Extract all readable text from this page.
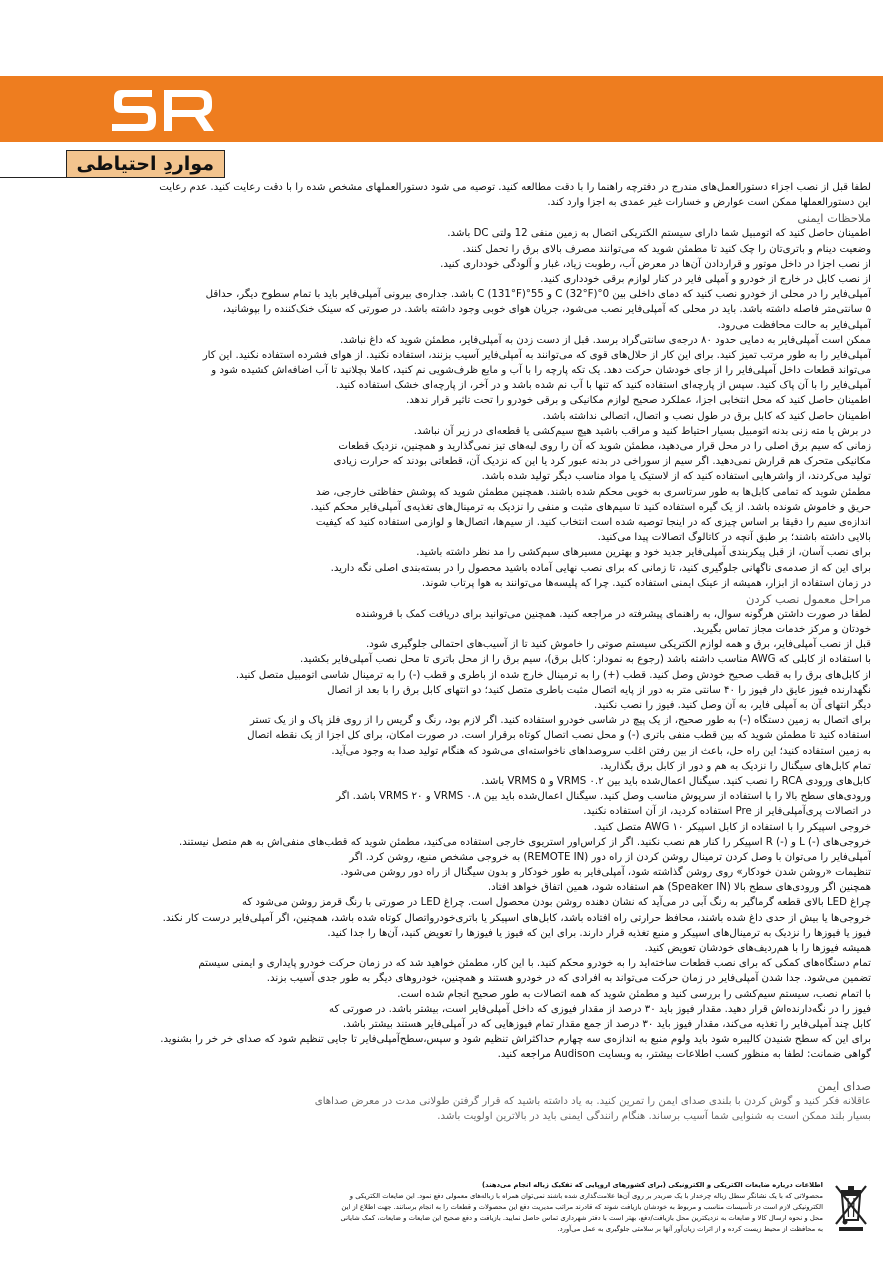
مواردِ احتیاطی
لطفا قبل از نصب اجزاء دستورالعمل‌های مندرج در دفترچه راهنما را با دقت مطالعه کنید. توصیه می شود دستورالعملهای مشخص شده را با دقت رعایت کنید. عدم رعایت
این دستورالعملها ممکن است عوارض و خسارات غیر عمدی به اجزا وارد کند.
ملاحظات ایمنی
اطمینان حاصل کنید که اتومبیل شما دارای سیستم الکتریکی اتصال به زمین منفی 12 ولتی DC باشد.
وضعیت دینام و باتری‌تان را چک کنید تا مطمئن شوید که می‌توانند مصرف بالای برق را تحمل کنند.
از نصب اجزا در داخل موتور و قراردادن آن‌ها در معرض آب، رطوبت زیاد، غبار و آلودگی خودداری کنید.
از نصب کابل در خارج از خودرو و آمپلی فایر در کنار لوازم برقی خودداری کنید.
آمپلی‌فایر را در محلی از خودرو نصب کنید که دمای داخلی بین 0°C (32°F) و 55°C (131°F) باشد. جداره‌ی بیرونی آمپلی‌فایر باید با تمام سطوح دیگر، حداقل
۵ سانتی‌متر فاصله داشته باشد. باید در محلی که آمپلی‌فایر نصب می‌شود، جریان هوای خوبی وجود داشته باشد. در صورتی که سینک خنک‌کننده را بپوشانید،
آمپلی‌فایر به حالت محافظت می‌رود.
ممکن است آمپلی‌فایر به دمایی حدود ۸۰ درجه‌ی سانتی‌گراد برسد. قبل از دست زدن به آمپلی‌فایر، مطمئن شوید که داغ نباشد.
آمپلی‌فایر را به طور مرتب تمیز کنید. برای این کار از حلال‌های قوی که می‌توانند به آمپلی‌فایر آسیب بزنند، استفاده نکنید. از هوای فشرده استفاده نکنید. این کار
می‌تواند قطعات داخل آمپلی‌فایر را از جای خودشان حرکت دهد. یک تکه پارچه را با آب و مایع ظرف‌شویی نم کنید، کاملا بچلانید تا آب اضافه‌اش کشیده شود و
آمپلی‌فایر را با آن پاک کنید. سپس از پارچه‌ای استفاده کنید که تنها با آب نم شده باشد و در آخر، از پارچه‌ای خشک استفاده کنید.
اطمینان حاصل کنید که محل انتخابی اجزا، عملکرد صحیح لوازم مکانیکی و برقی خودرو را تحت تاثیر قرار ندهد.
اطمینان حاصل کنید که کابل برق در طول نصب و اتصال، اتصالی نداشته باشد.
در برش یا مته زنی بدنه اتومبیل بسیار احتیاط کنید و مراقب باشید هیچ سیم‌کشی یا قطعه‌ای در زیر آن نباشد.
زمانی که سیم برق اصلی را در محل قرار می‌دهید، مطمئن شوید که آن را روی لبه‌های تیز نمی‌گذارید و همچنین، نزدیک قطعات
مکانیکی متحرک هم قرارش نمی‌دهید. اگر سیم از سوراخی در بدنه عبور کرد یا این که نزدیک آن، قطعاتی بودند که حرارت زیادی
تولید می‌کردند، از واشرهایی استفاده کنید که از لاستیک یا مواد مناسب دیگر تولید شده باشد.
مطمئن شوید که تمامی کابل‌ها به طور سرتاسری به خوبی محکم شده باشند. همچنین مطمئن شوید که پوشش حفاظتی خارجی، ضد
حریق و خاموش شونده باشد. از یک گیره استفاده کنید تا سیم‌های مثبت و منفی را نزدیک به ترمینال‌های تغذیه‌ی آمپلی‌فایر محکم کنید.
اندازه‌ی سیم را دقیقا بر اساس چیزی که در اینجا توصیه شده است انتخاب کنید. از سیم‌ها، اتصال‌ها و لوازمی استفاده کنید که کیفیت
بالایی داشته باشند؛ بر طبق آنچه در کاتالوگ اتصالات پیدا می‌کنید.
برای نصب آسان، از قبل پیکربندی آمپلی‌فایر جدید خود و بهترین مسیرهای سیم‌کشی را مد نظر داشته باشید.
برای این که از صدمه‌ی ناگهانی جلوگیری کنید، تا زمانی که برای نصب نهایی آماده باشید محصول را در بسته‌بندی اصلی نگه دارید.
در زمان استفاده از ابزار، همیشه از عینک ایمنی استفاده کنید. چرا که پلیسه‌ها می‌توانند به هوا پرتاب شوند.
مراحل معمول نصب کردن
لطفا در صورت داشتن هرگونه سوال، به راهنمای پیشرفته در مراجعه کنید. همچنین می‌توانید برای دریافت کمک با فروشنده
خودتان و مرکز خدمات مجاز تماس بگیرید.
قبل از نصب آمپلی‌فایر، برق و همه لوازم الکتریکی سیستم صوتی را خاموش کنید تا از آسیب‌های احتمالی جلوگیری شود.
با استفاده از کابلی که AWG مناسب داشته باشد (رجوع به نمودار: کابل برق)، سیم برق را از محل باتری تا محل نصب آمپلی‌فایر بکشید.
از کابل‌های برق را به قطب صحیح خودش وصل کنید. قطب (+) را به ترمینال خارج شده از باطری و قطب (-) را به ترمینال شاسی اتومبیل متصل کنید.
نگهدارنده فیوز عایق دار فیوز را ۴۰ سانتی متر به دور از پایه اتصال مثبت باطری متصل کنید؛ دو انتهای کابل برق را با بعد از اتصال
دیگر انتهای آن به آمپلی فایر، به آن وصل کنید. فیوز را نصب نکنید.
برای اتصال به زمین دستگاه (-) به طور صحیح، از یک پیچ در شاسی خودرو استفاده کنید. اگر لازم بود، رنگ و گریس را از روی فلز پاک و از یک تستر
استفاده کنید تا مطمئن شوید که بین قطب منفی باتری (-) و محل نصب اتصال کوتاه برقرار است. در صورت امکان، برای کل اجزا از یک نقطه اتصال
به زمین استفاده کنید؛ این راه حل، باعث از بین رفتن اغلب سروصداهای ناخواسته‌ای می‌شود که هنگام تولید صدا به وجود می‌آید.
تمام کابل‌های سیگنال را نزدیک به هم و دور از کابل برق بگذارید.
کابل‌های ورودی RCA را نصب کنید. سیگنال اعمال‌شده باید بین VRMS ۰.۲ و VRMS ۵ باشد.
ورودی‌های سطح بالا را با استفاده از سرپوش مناسب وصل کنید. سیگنال اعمال‌شده باید بین VRMS ۰.۸ و VRMS ۲۰ باشد. اگر
در اتصالات پری‌آمپلی‌فایر از Pre استفاده کردید، از آن استفاده نکنید.
خروجی اسپیکر را با استفاده از کابل اسپیکر AWG ۱۰ متصل کنید.
خروجی‌های (-) L و (-) R اسپیکر را کنار هم نصب نکنید. اگر از کراس‌اور استریوی خارجی استفاده می‌کنید، مطمئن شوید که قطب‌های منفی‌اش به هم متصل نیستند.
آمپلی‌فایر را می‌توان با وصل کردن ترمینال روشن کردن از راه دور (REMOTE IN) به خروجی مشخص منبع، روشن کرد. اگر
تنظیمات «روشن شدن خودکار» روی روشن گذاشته شود، آمپلی‌فایر به طور خودکار و بدون سیگنال از راه دور روشن می‌شود.
همچنین اگر ورودی‌های سطح بالا (Speaker IN) هم استفاده شود، همین اتفاق خواهد افتاد.
چراغ LED بالای قطعه گرماگیر به رنگ آبی در می‌آید که نشان دهنده روشن بودن محصول است. چراغ LED در صورتی با رنگ قرمز روشن می‌شود که
خروجی‌ها یا بیش از حد‌ی داغ شده باشند، محافظ حرارتی راه افتاده باشد، کابل‌های اسپیکر یا باتری‌خودرو‌اتصال کوتاه شده باشد، همچنین، اگر آمپلی‌فایر درست کار نکند.
فیوز یا فیوزها را نزدیک به ترمینال‌های اسپیکر و منبع تغذیه قرار دارند. برای این که فیوز یا فیوزها را تعویض کنید، آن‌ها را جدا کنید.
همیشه فیوزها را با هم‌ردیف‌های خودشان تعویض کنید.
تمام دستگاه‌های کمکی که برای نصب قطعات ساخته‌اید را به خودرو محکم کنید. با این کار، مطمئن خواهید شد که در زمان حرکت خودرو پایداری و ایمنی سیستم
تضمین می‌شود. جدا شدن آمپلی‌فایر در زمان حرکت می‌تواند به افرادی که در خودرو هستند و همچنین، خودروهای دیگر به طور جدی آسیب بزند.
با اتمام نصب، سیستم سیم‌کشی را بررسی کنید و مطمئن شوید که همه اتصالات به طور صحیح انجام شده است.
فیوز را در نگه‌دارنده‌اش قرار دهید. مقدار فیوز باید ۳۰ درصد از مقدار فیوزی که داخل آمپلی‌فایر است، بیشتر باشد. در صورتی که
کابل چند آمپلی‌فایر را تغذیه می‌کند، مقدار فیوز باید ۳۰ درصد از جمع مقدار تمام فیوزهایی که در آمپلی‌فایر هستند بیشتر باشد.
برای این که سطح شنیدن کالیبره شود باید ولوم منبع به اندازه‌ی سه چهارم حداکثر‌اش تنظیم شود و سپس،سطح‌آمپلی‌فایر تا جایی تنظیم شود که صدای خر خر را بشنوید.
گواهی ضمانت: لطفا به منظور کسب اطلاعات بیشتر، به وبسایت Audison مراجعه کنید.
صدای ایمن
عاقلانه فکر کنید و گوش کردن با بلندی صدای ایمن را تمرین کنید. به یاد داشته باشید که قرار گرفتن طولانی مدت در معرض صداهای
بسیار بلند ممکن است به شنوایی شما آسیب برساند. هنگام رانندگی ایمنی باید در بالاترین اولویت باشد.
اطلاعات درباره ضایعات الکتریکی و الکترونیکی (برای کشورهای اروپایی که تفکیک زباله انجام می‌دهند)
محصولاتی که با یک نشانگر سطل زباله چرخدار با یک ضربدر بر روی آن‌ها علامت‌گذاری شده باشند نمی‌توان همراه با زباله‌های معمولی دفع نمود. این ضایعات الکتریکی و
الکترونیکی لازم است در تأسیسات مناسب و مربوط به خودشان بازیافت شوند که قادرند مراتب مدیریت دفع این محصولات و قطعات را به انجام برسانند. جهت اطلاع از این
محل و نحوه ارسال کالا و ضایعات به نزدیکترین محل بازیافت/دفع، بهتر است با دفتر شهرداری تماس حاصل نمایید. بازیافت و دفع صحیح این ضایعات و ضایعات، کمک شایانی
به محافظت از محیط زیست کرده و از اثرات زیان‌آور آنها بر سلامتی جلوگیری به عمل می‌آورد.
